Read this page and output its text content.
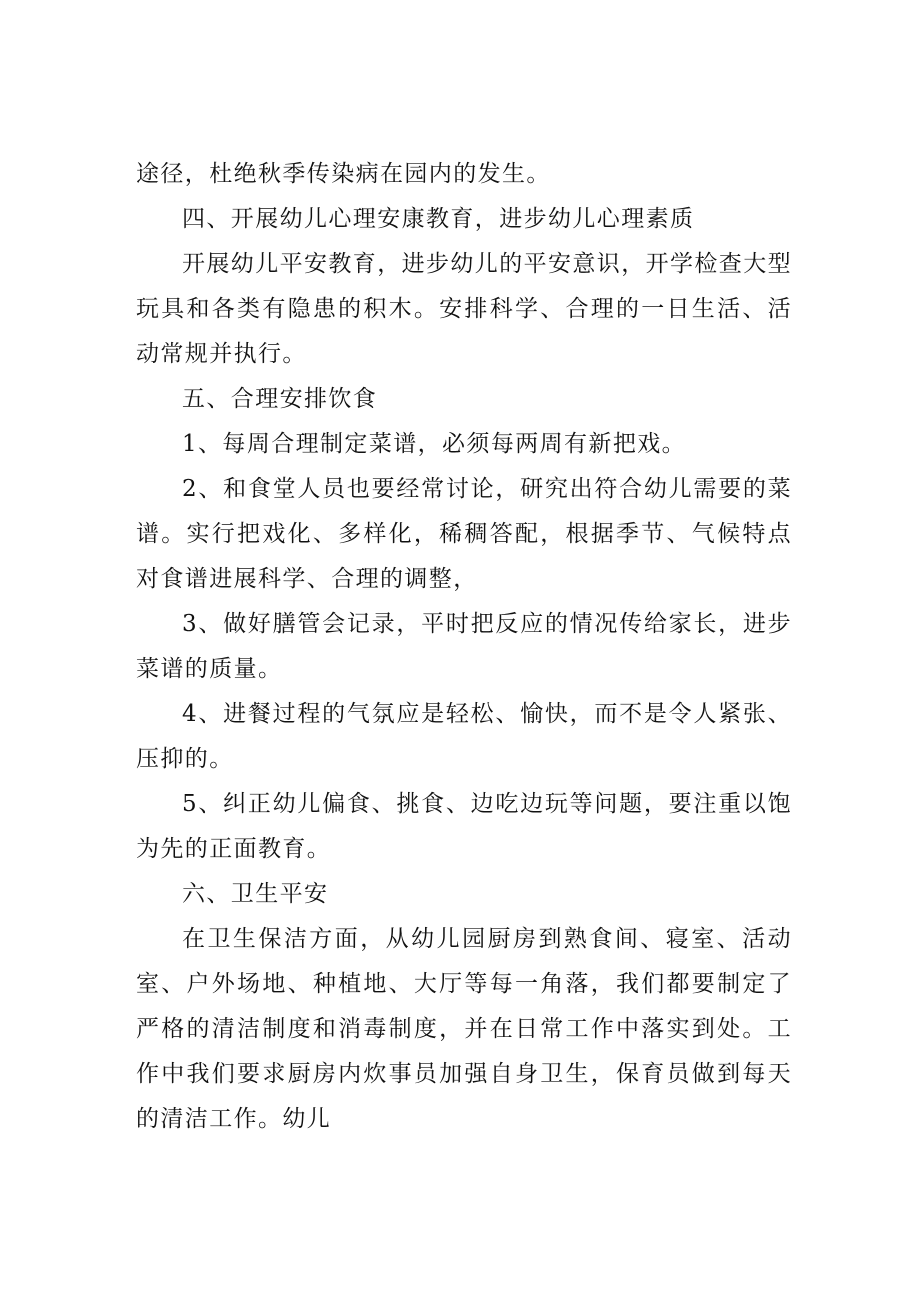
途径，杜绝秋季传染病在园内的发生。

四、开展幼儿心理安康教育，进步幼儿心理素质

开展幼儿平安教育，进步幼儿的平安意识，开学检查大型玩具和各类有隐患的积木。安排科学、合理的一日生活、活动常规并执行。

五、合理安排饮食

1、每周合理制定菜谱，必须每两周有新把戏。

2、和食堂人员也要经常讨论，研究出符合幼儿需要的菜谱。实行把戏化、多样化，稀稠答配，根据季节、气候特点对食谱进展科学、合理的调整，

3、做好膳管会记录，平时把反应的情况传给家长，进步菜谱的质量。

4、进餐过程的气氛应是轻松、愉快，而不是令人紧张、压抑的。

5、纠正幼儿偏食、挑食、边吃边玩等问题，要注重以饱为先的正面教育。

六、卫生平安

在卫生保洁方面，从幼儿园厨房到熟食间、寝室、活动室、户外场地、种植地、大厅等每一角落，我们都要制定了严格的清洁制度和消毒制度，并在日常工作中落实到处。工作中我们要求厨房内炊事员加强自身卫生，保育员做到每天的清洁工作。幼儿
